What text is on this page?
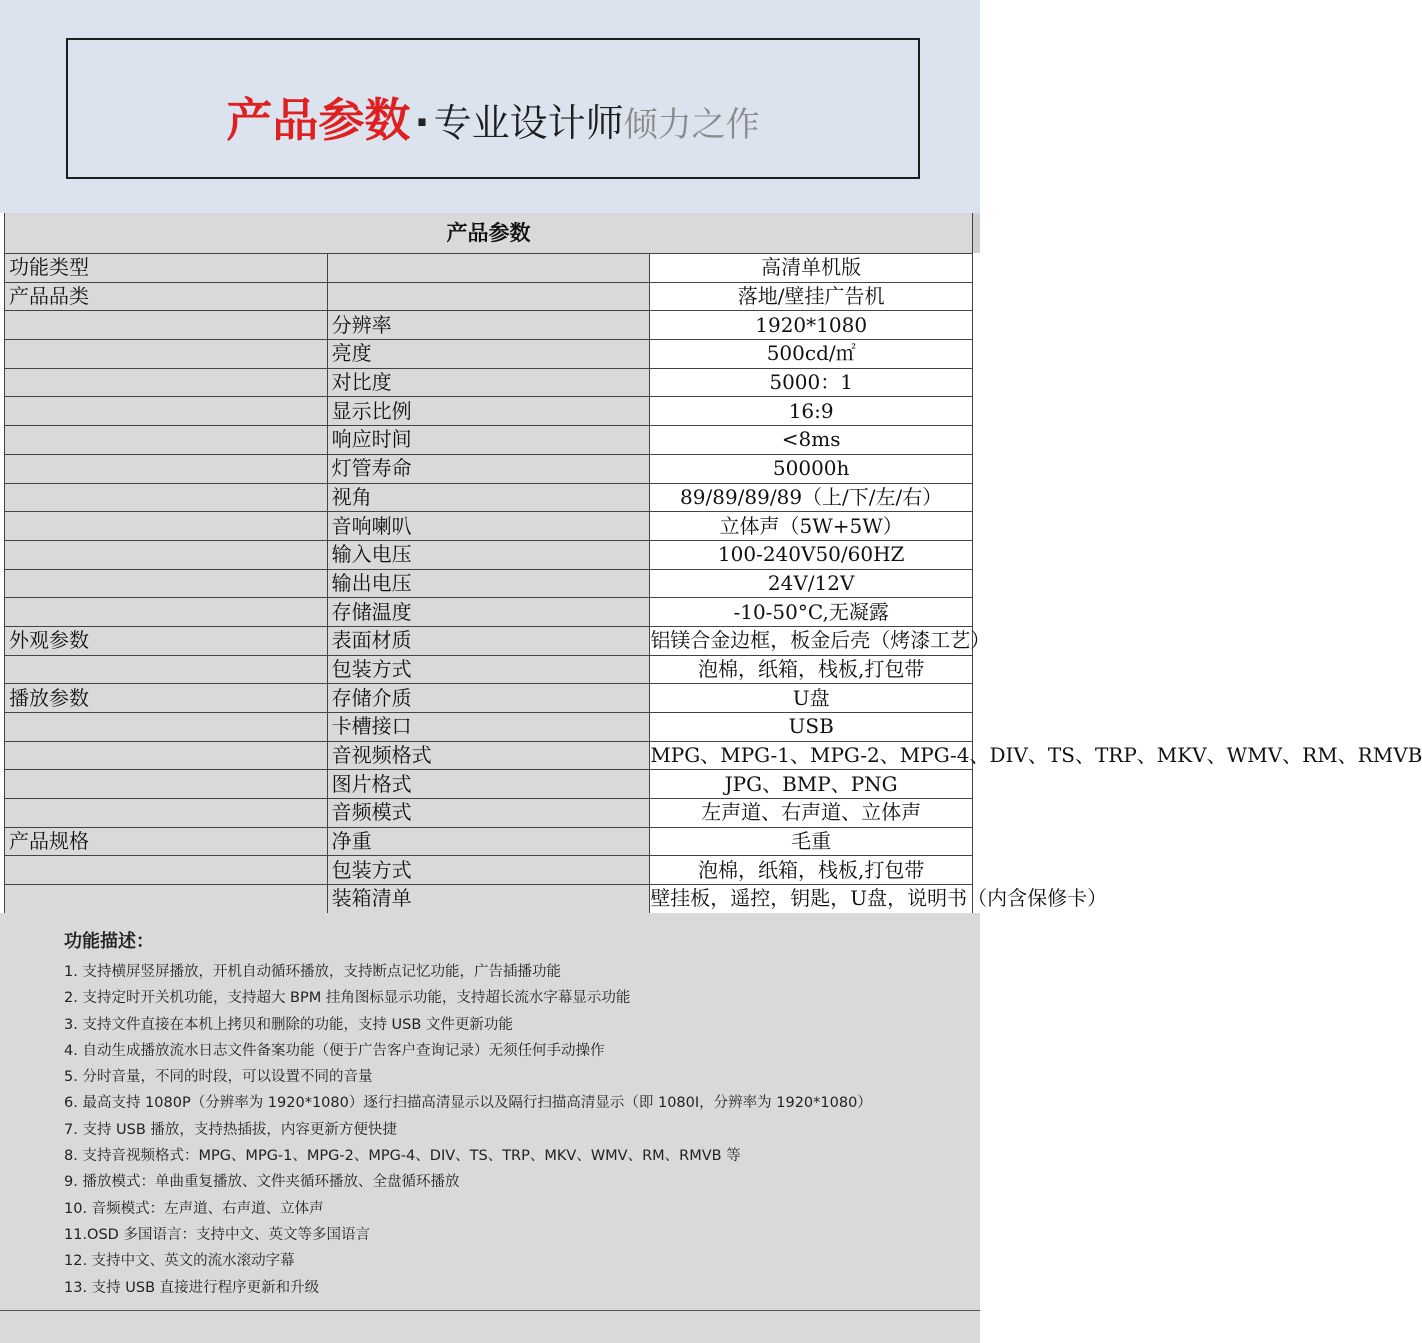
产品参数 · 专业设计师倾力之作
产品参数		
功能类型		高清单机版
产品品类		落地/壁挂广告机
	分辨率	1920*1080
	亮度	500cd/㎡
	对比度	5000：1
	显示比例	16:9
	响应时间	<8ms
	灯管寿命	50000h
	视角	89/89/89/89（上/下/左/右）
	音响喇叭	立体声（5W+5W）
	输入电压	100-240V50/60HZ
	输出电压	24V/12V
	存储温度	-10-50°C,无凝露
外观参数	表面材质	铝镁合金边框，板金后壳（烤漆工艺）
	包装方式	泡棉，纸箱，栈板,打包带
播放参数	存储介质	U盘
	卡槽接口	USB
	音视频格式	MPG、MPG-1、MPG-2、MPG-4、DIV、TS、TRP、MKV、WMV、RM、RMVB
	图片格式	JPG、BMP、PNG
	音频模式	左声道、右声道、立体声
产品规格	净重	毛重
	包装方式	泡棉，纸箱，栈板,打包带
	装箱清单	壁挂板，遥控，钥匙，U盘，说明书（内含保修卡）
功能描述：
1. 支持横屏竖屏播放，开机自动循环播放，支持断点记忆功能，广告插播功能
2. 支持定时开关机功能，支持超大 BPM 挂角图标显示功能，支持超长流水字幕显示功能
3. 支持文件直接在本机上拷贝和删除的功能，支持 USB 文件更新功能
4. 自动生成播放流水日志文件备案功能（便于广告客户查询记录）无须任何手动操作
5. 分时音量，不同的时段，可以设置不同的音量
6. 最高支持 1080P（分辨率为 1920*1080）逐行扫描高清显示以及隔行扫描高清显示（即 1080I，分辨率为 1920*1080）
7. 支持 USB 播放，支持热插拔，内容更新方便快捷
8. 支持音视频格式：MPG、MPG-1、MPG-2、MPG-4、DIV、TS、TRP、MKV、WMV、RM、RMVB 等
9. 播放模式：单曲重复播放、文件夹循环播放、全盘循环播放
10. 音频模式：左声道、右声道、立体声
11.OSD 多国语言：支持中文、英文等多国语言
12. 支持中文、英文的流水滚动字幕
13. 支持 USB 直接进行程序更新和升级
